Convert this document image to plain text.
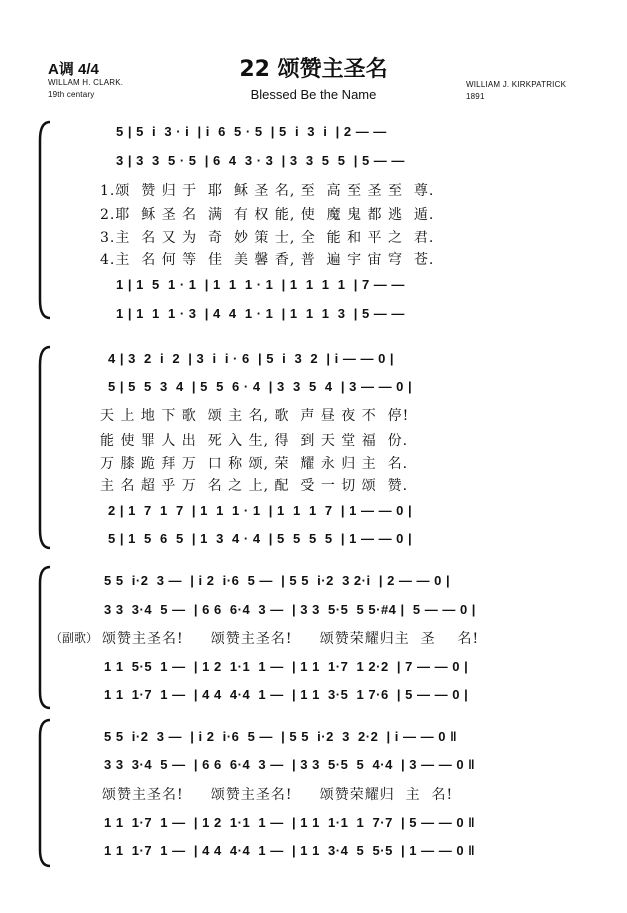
A调 4/4
WILLAM H. CLARK.
19th centary
22 颂赞主圣名
Blessed Be the Name
WILLIAM J. KIRKPATRICK
1891
5 | 5  i  3 · i  | i  6  5 · 5  | 5  i  3  i  | 2 — —
3 | 3  3  5 · 5  | 6  4  3 · 3  | 3  3  5  5  | 5 — —
1.颂  赞 归 于  耶  稣 圣 名, 至  高 至 圣 至  尊.
2.耶  稣 圣 名  满  有 权 能, 使  魔 鬼 都 逃  遁.
3.主  名 又 为  奇  妙 策 士, 全  能 和 平 之  君.
4.主  名 何 等  佳  美 馨 香, 普  遍 宇 宙 穹  苍.
1 | 1  5  1 · 1  | 1  1  1 · 1  | 1  1  1  1  | 7 — —
1 | 1  1  1 · 3  | 4  4  1 · 1  | 1  1  1  3  | 5 — —
4 | 3  2  i  2  | 3  i  i · 6  | 5  i  3  2  | i — — 0 |
5 | 5  5  3  4  | 5  5  6 · 4  | 3  3  5  4  | 3 — — 0 |
天 上 地 下 歌  颂 主 名, 歌  声 昼 夜 不  停!
能 使 罪 人 出  死 入 生, 得  到 天 堂 福  份.
万 膝 跪 拜 万  口 称 颂, 荣  耀 永 归 主  名.
主 名 超 乎 万  名 之 上, 配  受 一 切 颂  赞.
2 | 1  7  1  7  | 1  1  1 · 1  | 1  1  1  7  | 1 — — 0 |
5 | 1  5  6  5  | 1  3  4 · 4  | 5  5  5  5  | 1 — — 0 |
5 5  i·2  3 —  | i 2  i·6  5 —  | 5 5  i·2  3 2·i  | 2 — — 0 |
3 3  3·4  5 —  | 6 6  6·4  3 —  | 3 3  5·5  5 5·#4 |  5 — — 0 |
（副歌） 颂赞主圣名!     颂赞主圣名!     颂赞荣耀归主  圣    名!
1 1  5·5  1 —  | 1 2  1·1  1 —  | 1 1  1·7  1 2·2  | 7 — — 0 |
1 1  1·7  1 —  | 4 4  4·4  1 —  | 1 1  3·5  1 7·6  | 5 — — 0 |
5 5  i·2  3 —  | i 2  i·6  5 —  | 5 5  i·2  3  2·2  | i — — 0 ‖
3 3  3·4  5 —  | 6 6  6·4  3 —  | 3 3  5·5  5  4·4  | 3 — — 0 ‖
颂赞主圣名!     颂赞主圣名!     颂赞荣耀归  主  名!
1 1  1·7  1 —  | 1 2  1·1  1 —  | 1 1  1·1  1  7·7  | 5 — — 0 ‖
1 1  1·7  1 —  | 4 4  4·4  1 —  | 1 1  3·4  5  5·5  | 1 — — 0 ‖
